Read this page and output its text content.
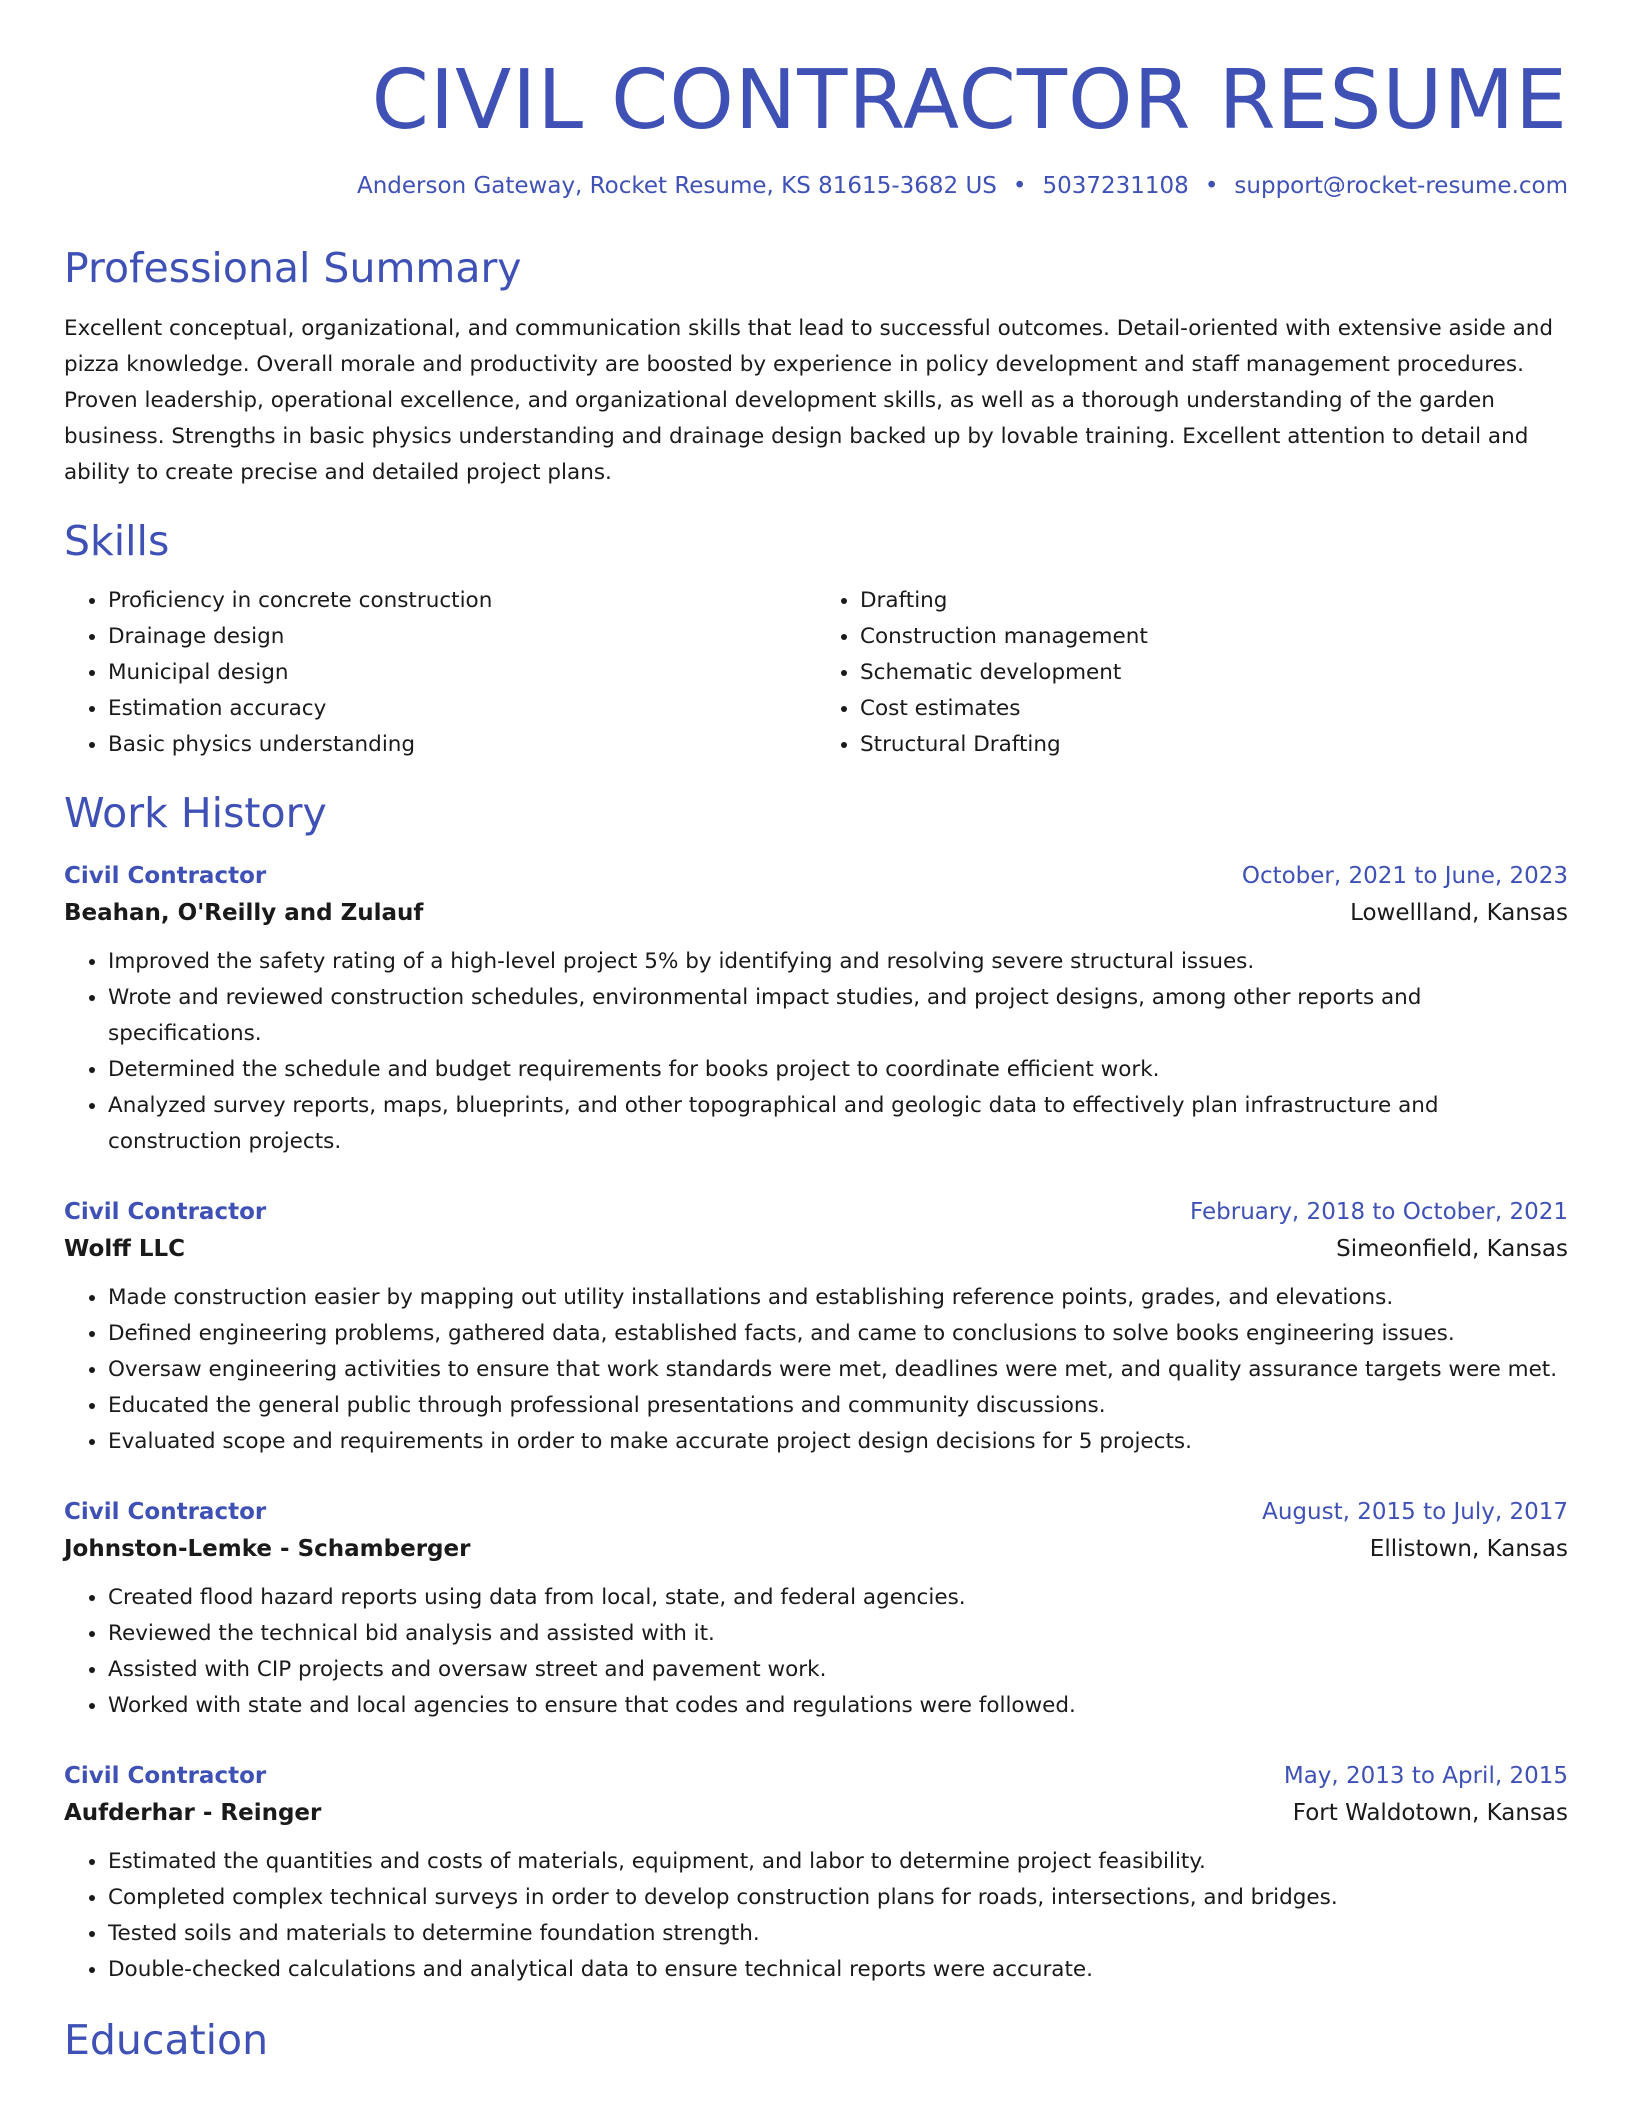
CIVIL CONTRACTOR RESUME
Anderson Gateway, Rocket Resume, KS 81615-3682 US • 5037231108 • support@rocket-resume.com
Professional Summary

Excellent conceptual, organizational, and communication skills that lead to successful outcomes. Detail-oriented with extensive aside and pizza knowledge. Overall morale and productivity are boosted by experience in policy development and staff management procedures. Proven leadership, operational excellence, and organizational development skills, as well as a thorough understanding of the garden business. Strengths in basic physics understanding and drainage design backed up by lovable training. Excellent attention to detail and ability to create precise and detailed project plans.

Skills
• Proficiency in concrete construction
• Drainage design
• Municipal design
• Estimation accuracy
• Basic physics understanding
• Drafting
• Construction management
• Schematic development
• Cost estimates
• Structural Drafting
Work History
Civil Contractor	October, 2021 to June, 2023
Beahan, O'Reilly and Zulauf	Lowellland, Kansas
• Improved the safety rating of a high-level project 5% by identifying and resolving severe structural issues.
• Wrote and reviewed construction schedules, environmental impact studies, and project designs, among other reports and specifications.
• Determined the schedule and budget requirements for books project to coordinate efficient work.
• Analyzed survey reports, maps, blueprints, and other topographical and geologic data to effectively plan infrastructure and construction projects.
Civil Contractor	February, 2018 to October, 2021
Wolff LLC	Simeonfield, Kansas
• Made construction easier by mapping out utility installations and establishing reference points, grades, and elevations.
• Defined engineering problems, gathered data, established facts, and came to conclusions to solve books engineering issues.
• Oversaw engineering activities to ensure that work standards were met, deadlines were met, and quality assurance targets were met.
• Educated the general public through professional presentations and community discussions.
• Evaluated scope and requirements in order to make accurate project design decisions for 5 projects.
Civil Contractor	August, 2015 to July, 2017
Johnston-Lemke - Schamberger	Ellistown, Kansas
• Created flood hazard reports using data from local, state, and federal agencies.
• Reviewed the technical bid analysis and assisted with it.
• Assisted with CIP projects and oversaw street and pavement work.
• Worked with state and local agencies to ensure that codes and regulations were followed.
Civil Contractor	May, 2013 to April, 2015
Aufderhar - Reinger	Fort Waldotown, Kansas
• Estimated the quantities and costs of materials, equipment, and labor to determine project feasibility.
• Completed complex technical surveys in order to develop construction plans for roads, intersections, and bridges.
• Tested soils and materials to determine foundation strength.
• Double-checked calculations and analytical data to ensure technical reports were accurate.
Education
